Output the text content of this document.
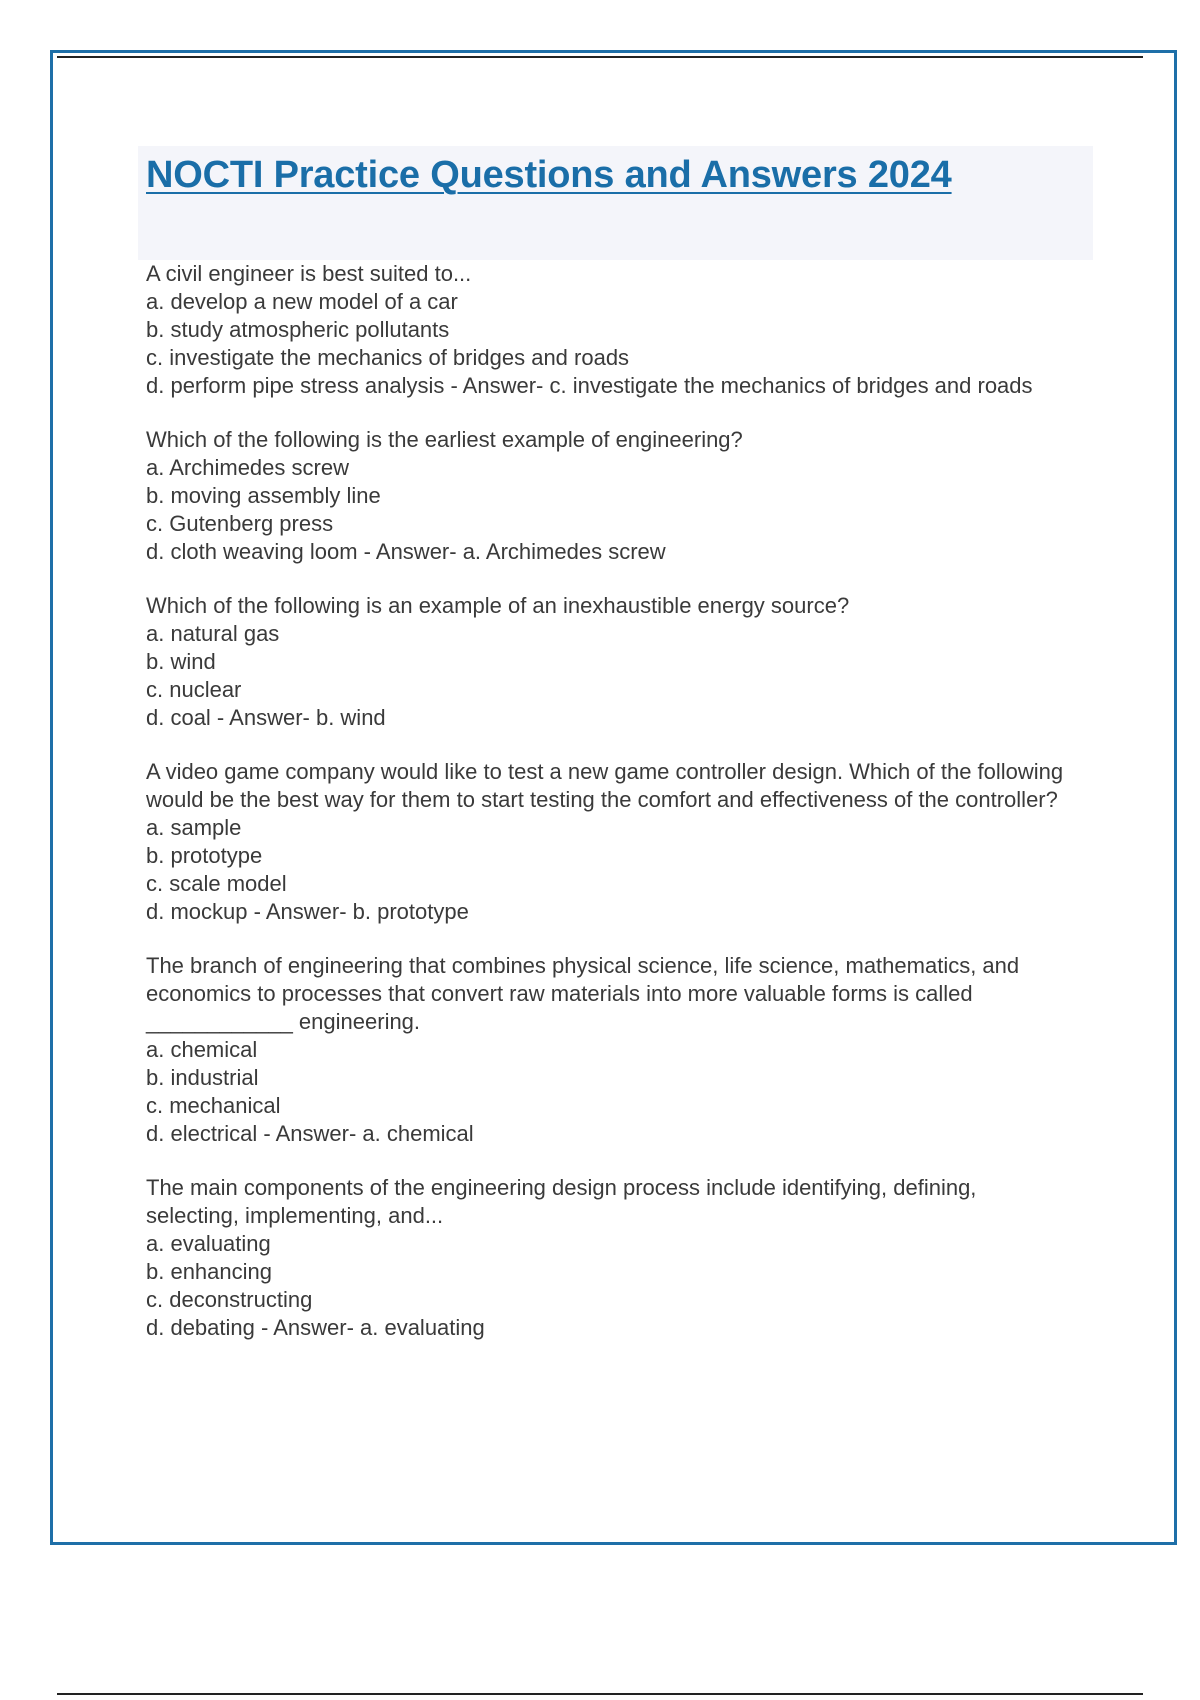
NOCTI Practice Questions and Answers 2024
A civil engineer is best suited to...
a. develop a new model of a car
b. study atmospheric pollutants
c. investigate the mechanics of bridges and roads
d. perform pipe stress analysis - Answer- c. investigate the mechanics of bridges and roads
Which of the following is the earliest example of engineering?
a. Archimedes screw
b. moving assembly line
c. Gutenberg press
d. cloth weaving loom - Answer- a. Archimedes screw
Which of the following is an example of an inexhaustible energy source?
a. natural gas
b. wind
c. nuclear
d. coal - Answer- b. wind
A video game company would like to test a new game controller design. Which of the following would be the best way for them to start testing the comfort and effectiveness of the controller?
a. sample
b. prototype
c. scale model
d. mockup - Answer- b. prototype
The branch of engineering that combines physical science, life science, mathematics, and economics to processes that convert raw materials into more valuable forms is called ____________ engineering.
a. chemical
b. industrial
c. mechanical
d. electrical - Answer- a. chemical
The main components of the engineering design process include identifying, defining, selecting, implementing, and...
a. evaluating
b. enhancing
c. deconstructing
d. debating - Answer- a. evaluating
